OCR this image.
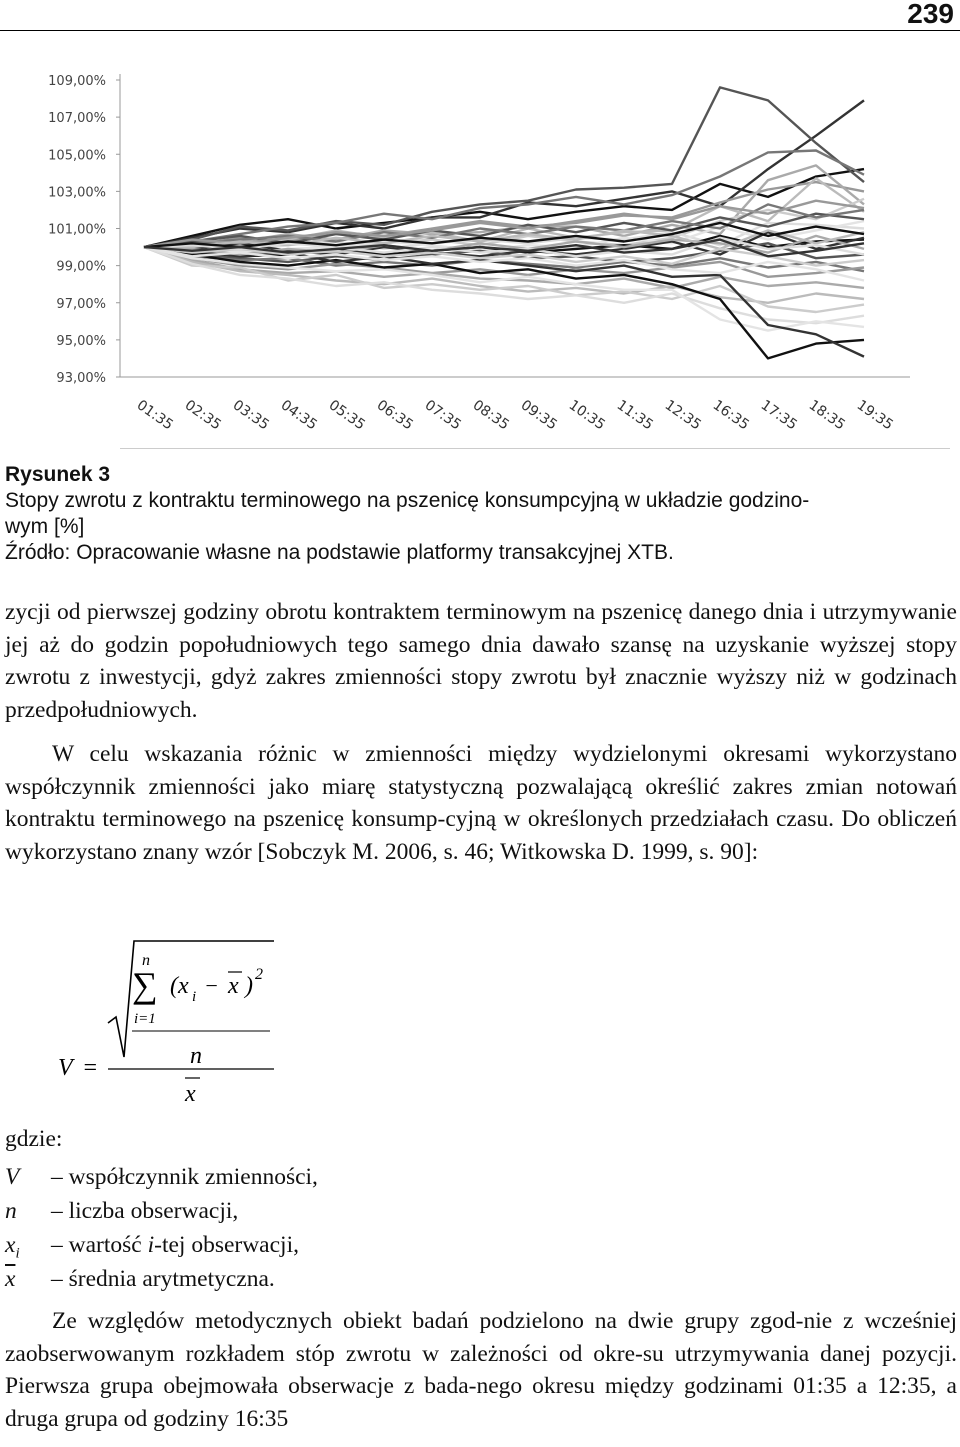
239
109,00%
107,00%
105,00%
103,00%
101,00%
99,00%
97,00%
95,00%
93,00%
01:35 02:35 03:35 04:35 05:35 06:35 07:35 08:35 09:35 10:35 11:35 12:35 16:35 17:35 18:35 19:35
Rysunek 3
Stopy zwrotu z kontraktu terminowego na pszenicę konsumpcyjną w układzie godzino-
wym [%]
Źródło: Opracowanie własne na podstawie platformy transakcyjnej XTB.
zycji od pierwszej godziny obrotu kontraktem terminowym na pszenicę danego dnia i utrzymywanie jej aż do godzin popołudniowych tego samego dnia dawało szansę na uzyskanie wyższej stopy zwrotu z inwestycji, gdyż zakres zmienności stopy zwrotu był znacznie wyższy niż w godzinach przedpołudniowych.
W celu wskazania różnic w zmienności między wydzielonymi okresami wykorzystano współczynnik zmienności jako miarę statystyczną pozwalającą określić zakres zmian notowań kontraktu terminowego na pszenicę konsump-cyjną w określonych przedziałach czasu. Do obliczeń wykorzystano znany wzór [Sobczyk M. 2006, s. 46; Witkowska D. 1999, s. 90]:
V =
n
∑
i=1
(x i − x ) 2
n
x
gdzie:
V – współczynnik zmienności,
n – liczba obserwacji,
$x_i$ – wartość i-tej obserwacji,
$\overline{x}$ – średnia arytmetyczna.
Ze względów metodycznych obiekt badań podzielono na dwie grupy zgod-nie z wcześniej zaobserwowanym rozkładem stóp zwrotu w zależności od okre-su utrzymywania danej pozycji. Pierwsza grupa obejmowała obserwacje z bada-nego okresu między godzinami 01:35 a 12:35, a druga grupa od godziny 16:35
